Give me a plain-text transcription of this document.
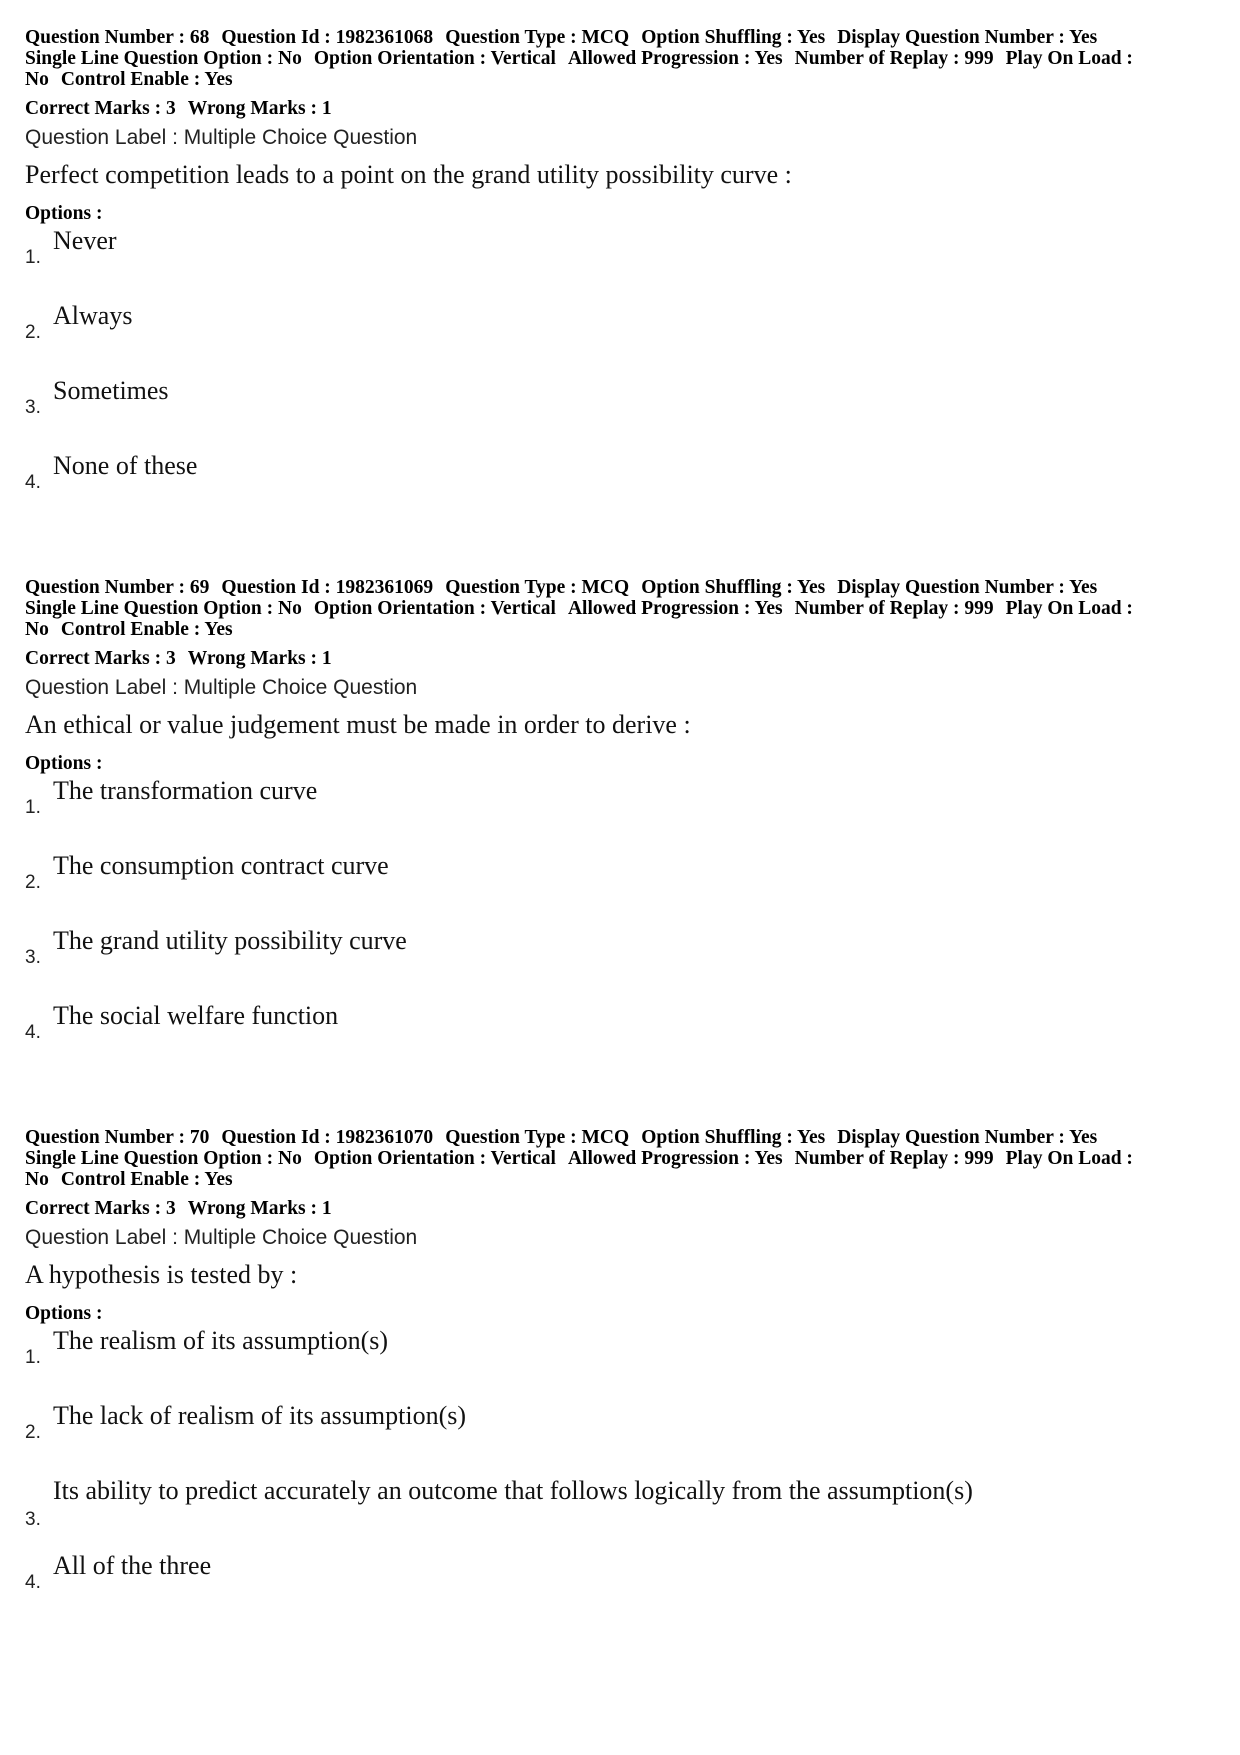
Question Number : 68 Question Id : 1982361068 Question Type : MCQ Option Shuffling : Yes Display Question Number : Yes
Single Line Question Option : No Option Orientation : Vertical Allowed Progression : Yes Number of Replay : 999 Play On Load :
No Control Enable : Yes
Correct Marks : 3 Wrong Marks : 1
Question Label : Multiple Choice Question
Perfect competition leads to a point on the grand utility possibility curve :
Options :
1.
Never
2.
Always
3.
Sometimes
4.
None of these
Question Number : 69 Question Id : 1982361069 Question Type : MCQ Option Shuffling : Yes Display Question Number : Yes
Single Line Question Option : No Option Orientation : Vertical Allowed Progression : Yes Number of Replay : 999 Play On Load :
No Control Enable : Yes
Correct Marks : 3 Wrong Marks : 1
Question Label : Multiple Choice Question
An ethical or value judgement must be made in order to derive :
Options :
1.
The transformation curve
2.
The consumption contract curve
3.
The grand utility possibility curve
4.
The social welfare function
Question Number : 70 Question Id : 1982361070 Question Type : MCQ Option Shuffling : Yes Display Question Number : Yes
Single Line Question Option : No Option Orientation : Vertical Allowed Progression : Yes Number of Replay : 999 Play On Load :
No Control Enable : Yes
Correct Marks : 3 Wrong Marks : 1
Question Label : Multiple Choice Question
A hypothesis is tested by :
Options :
1.
The realism of its assumption(s)
2.
The lack of realism of its assumption(s)
3.
Its ability to predict accurately an outcome that follows logically from the assumption(s)
4.
All of the three
